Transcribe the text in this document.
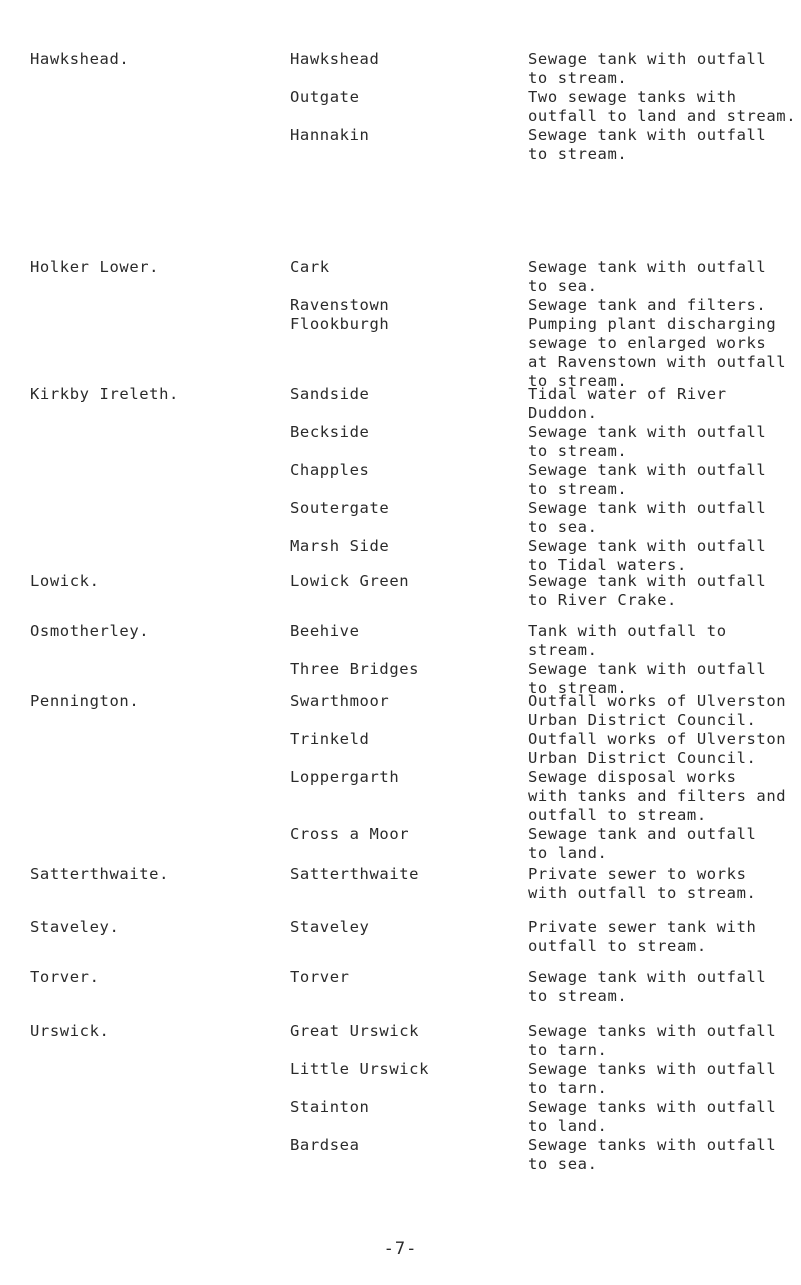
Hawkshead.	Hawkshead	Sewage tank with outfall
to stream.
Outgate	Two sewage tanks with
outfall to land and stream.
Hannakin	Sewage tank with outfall
to stream.
Holker Lower.	Cark	Sewage tank with outfall
to sea.
Ravenstown	Sewage tank and filters.
Flookburgh	Pumping plant discharging
sewage to enlarged works
at Ravenstown with outfall
to stream.
Kirkby Ireleth.	Sandside	Tidal water of River Duddon.
Beckside	Sewage tank with outfall
to stream.
Chapples	Sewage tank with outfall
to stream.
Soutergate	Sewage tank with outfall
to sea.
Marsh Side	Sewage tank with outfall
to Tidal waters.
Lowick.	Lowick Green	Sewage tank with outfall
to River Crake.
Osmotherley.	Beehive	Tank with outfall to stream.
Three Bridges	Sewage tank with outfall
to stream.
Pennington.	Swarthmoor	Outfall works of Ulverston
Urban District Council.
Trinkeld	Outfall works of Ulverston
Urban District Council.
Loppergarth	Sewage disposal works
with tanks and filters and
outfall to stream.
Cross a Moor	Sewage tank and outfall
to land.
Satterthwaite.	Satterthwaite	Private sewer to works
with outfall to stream.
Staveley.	Staveley	Private sewer tank with
outfall to stream.
Torver.	Torver	Sewage tank with outfall
to stream.
Urswick.	Great Urswick	Sewage tanks with outfall
to tarn.
Little Urswick	Sewage tanks with outfall
to tarn.
Stainton	Sewage tanks with outfall
to land.
Bardsea	Sewage tanks with outfall
to sea.
-7-
